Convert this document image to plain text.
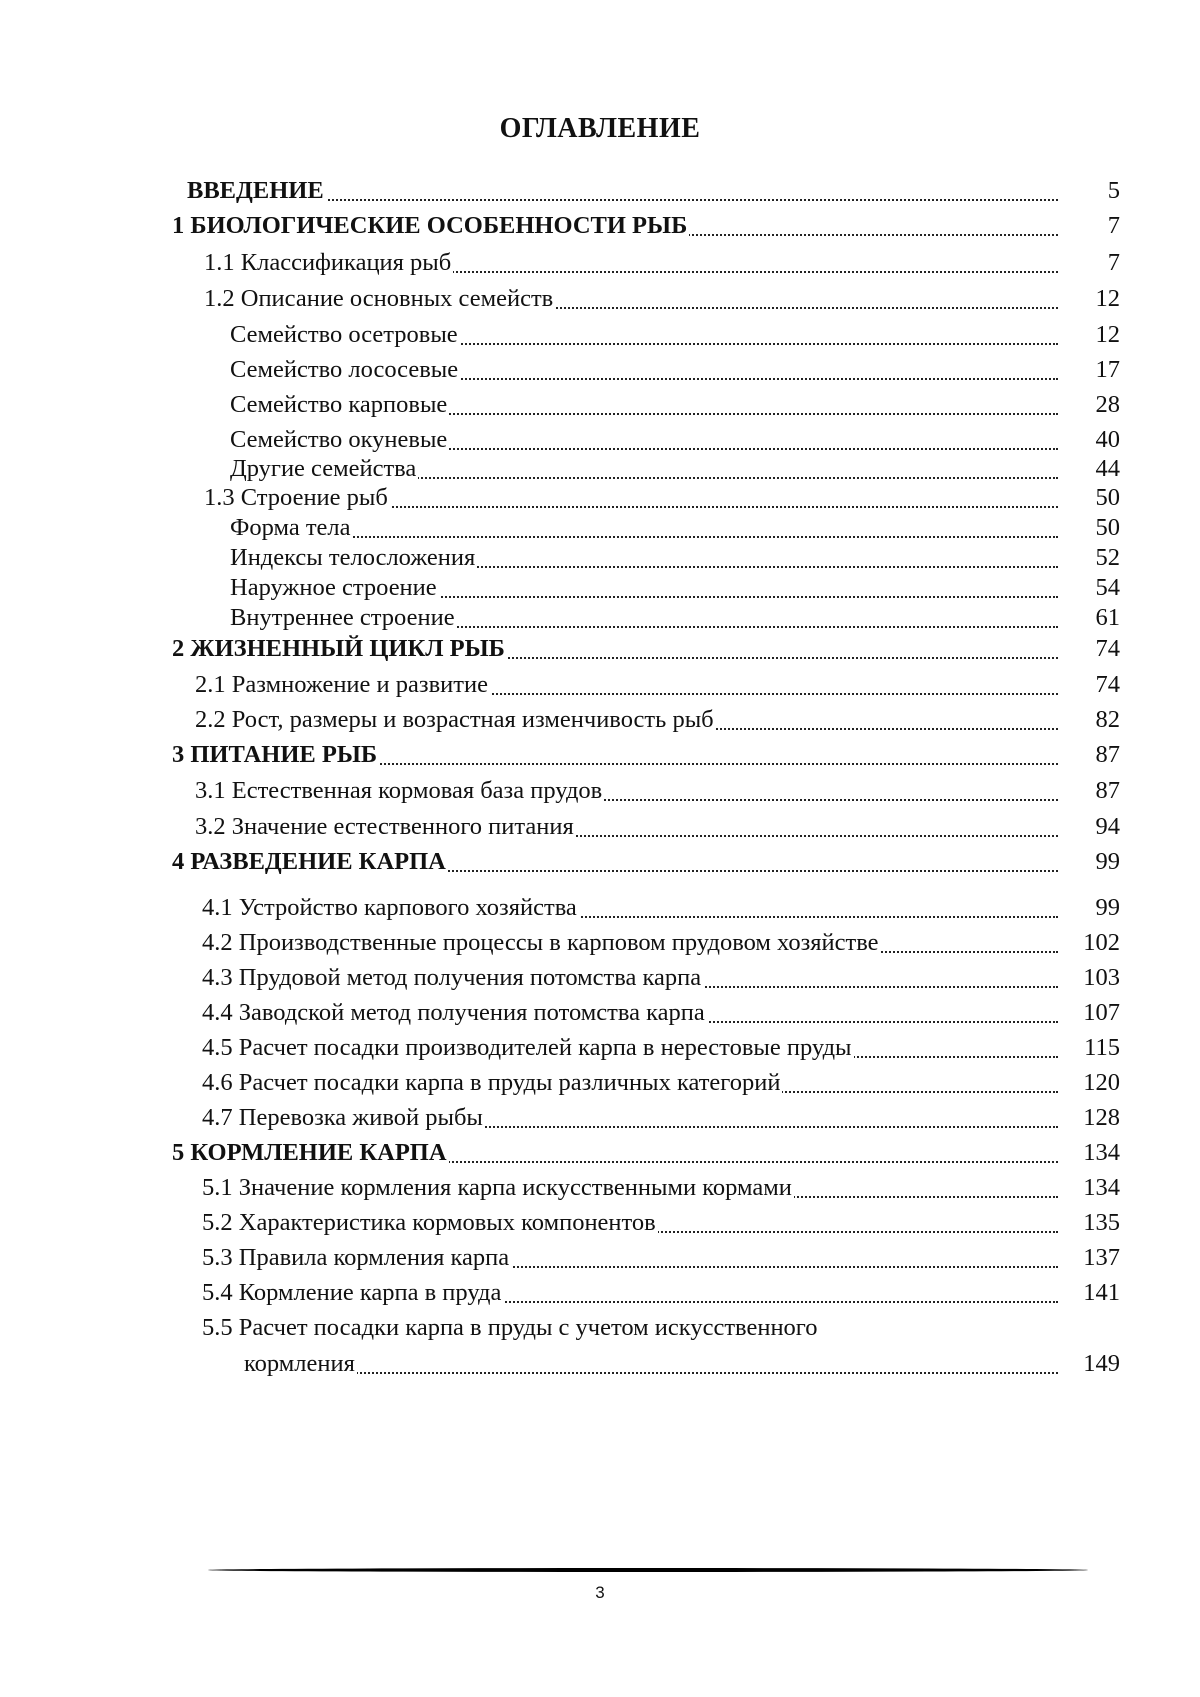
ОГЛАВЛЕНИЕ
ВВЕДЕНИЕ	5
1 БИОЛОГИЧЕСКИЕ ОСОБЕННОСТИ РЫБ	7
1.1 Классификация рыб	7
1.2 Описание основных семейств	12
Семейство осетровые	12
Семейство лососевые	17
Семейство карповые	28
Семейство окуневые	40
Другие семейства	44
1.3 Строение рыб	50
Форма тела	50
Индексы телосложения	52
Наружное строение	54
Внутреннее строение	61
2 ЖИЗНЕННЫЙ ЦИКЛ РЫБ	74
2.1 Размножение и развитие	74
2.2 Рост, размеры и возрастная изменчивость рыб	82
3 ПИТАНИЕ РЫБ	87
3.1 Естественная кормовая база прудов	87
3.2 Значение естественного питания	94
4 РАЗВЕДЕНИЕ КАРПА	99
4.1 Устройство карпового хозяйства	99
4.2 Производственные процессы в карповом прудовом хозяйстве	102
4.3 Прудовой метод получения потомства карпа	103
4.4 Заводской метод получения потомства карпа	107
4.5 Расчет посадки производителей карпа в нерестовые пруды	115
4.6 Расчет посадки карпа в пруды различных категорий	120
4.7 Перевозка живой рыбы	128
5 КОРМЛЕНИЕ КАРПА	134
5.1 Значение кормления карпа искусственными кормами	134
5.2 Характеристика кормовых компонентов	135
5.3 Правила кормления карпа	137
5.4 Кормление карпа в пруда	141
5.5 Расчет посадки карпа в пруды с учетом искусственного
кормления	149
3
